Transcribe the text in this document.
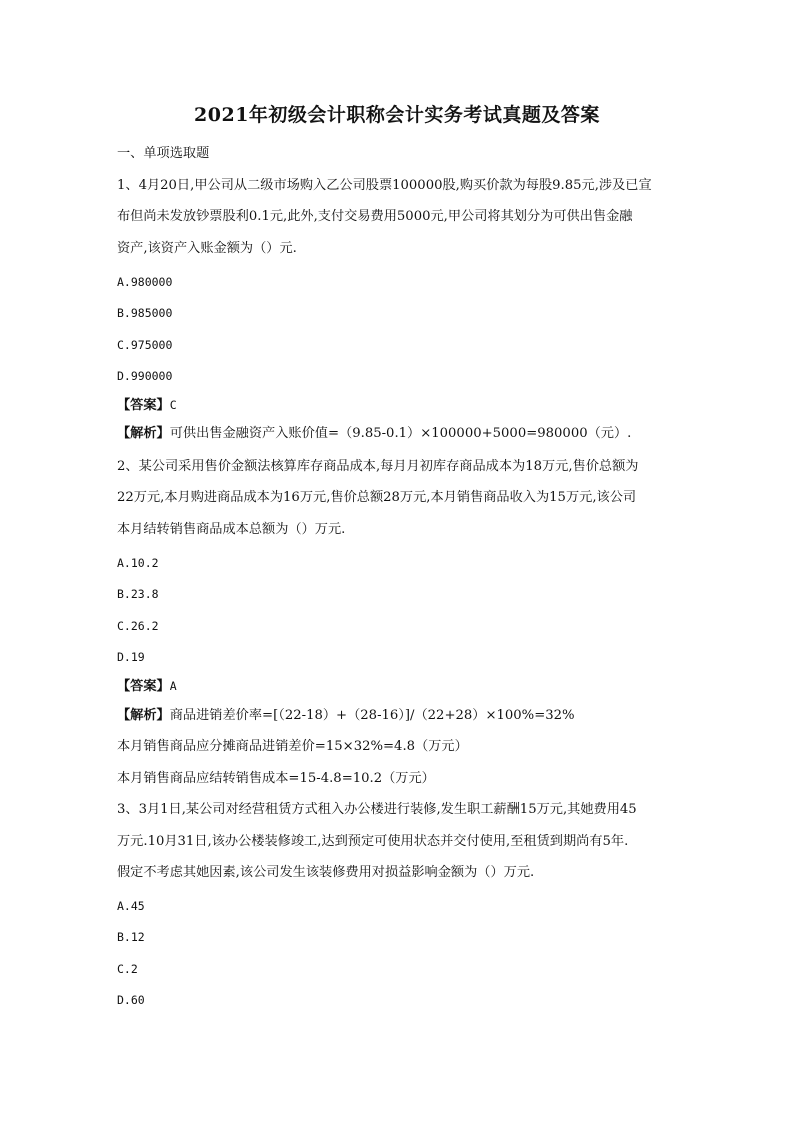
2021年初级会计职称会计实务考试真题及答案

一、单项选取题

1、4月20日,甲公司从二级市场购入乙公司股票100000股,购买价款为每股9.85元,涉及已宣

布但尚未发放钞票股利0.1元,此外,支付交易费用5000元,甲公司将其划分为可供出售金融

资产,该资产入账金额为（）元.

A.980000

B.985000

C.975000

D.990000

【答案】C

【解析】可供出售金融资产入账价值=（9.85-0.1）×100000+5000=980000（元）.

2、某公司采用售价金额法核算库存商品成本,每月月初库存商品成本为18万元,售价总额为

22万元,本月购进商品成本为16万元,售价总额28万元,本月销售商品收入为15万元,该公司

本月结转销售商品成本总额为（）万元.

A.10.2

B.23.8

C.26.2

D.19

【答案】A

【解析】商品进销差价率=[（22-18）+（28-16）]/（22+28）×100%=32%

本月销售商品应分摊商品进销差价=15×32%=4.8（万元）

本月销售商品应结转销售成本=15-4.8=10.2（万元）

3、3月1日,某公司对经营租赁方式租入办公楼进行装修,发生职工薪酬15万元,其她费用45

万元.10月31日,该办公楼装修竣工,达到预定可使用状态并交付使用,至租赁到期尚有5年.

假定不考虑其她因素,该公司发生该装修费用对损益影响金额为（）万元.

A.45

B.12

C.2

D.60
